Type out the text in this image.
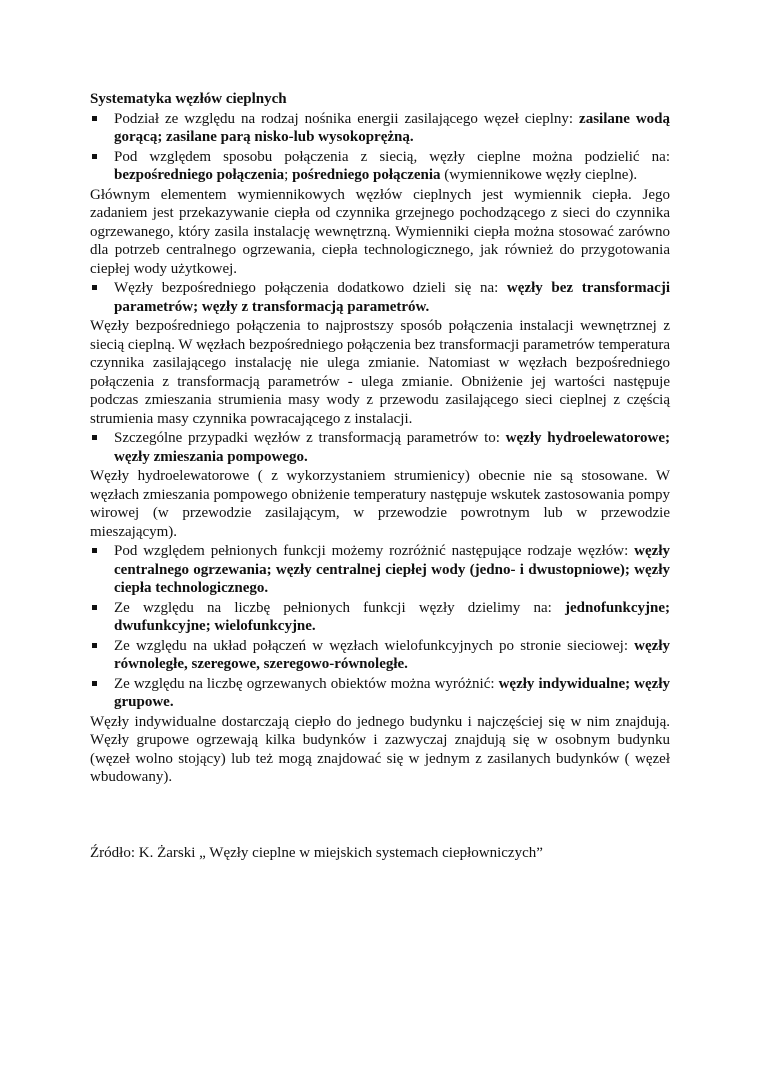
Systematyka węzłów cieplnych

Podział ze względu na rodzaj nośnika energii zasilającego węzeł cieplny: zasilane wodą gorącą; zasilane parą nisko-lub wysokoprężną.
Pod względem sposobu połączenia z siecią, węzły cieplne można podzielić na: bezpośredniego połączenia; pośredniego połączenia (wymiennikowe węzły cieplne).

Głównym elementem wymiennikowych węzłów cieplnych jest wymiennik ciepła. Jego zadaniem jest przekazywanie ciepła od czynnika grzejnego pochodzącego z sieci do czynnika ogrzewanego, który zasila instalację wewnętrzną. Wymienniki ciepła można stosować zarówno dla potrzeb centralnego ogrzewania, ciepła technologicznego, jak również do przygotowania ciepłej wody użytkowej.

Węzły bezpośredniego połączenia dodatkowo dzieli się na: węzły bez transformacji parametrów; węzły z transformacją parametrów.

Węzły bezpośredniego połączenia to najprostszy sposób połączenia instalacji wewnętrznej z siecią cieplną. W węzłach bezpośredniego połączenia bez transformacji parametrów temperatura czynnika zasilającego instalację nie ulega zmianie. Natomiast w węzłach bezpośredniego połączenia z transformacją parametrów - ulega zmianie. Obniżenie jej wartości następuje podczas zmieszania strumienia masy wody z przewodu zasilającego sieci cieplnej z częścią strumienia masy czynnika powracającego z instalacji.

Szczególne przypadki węzłów z transformacją parametrów to: węzły hydroelewatorowe; węzły zmieszania pompowego.

Węzły hydroelewatorowe ( z wykorzystaniem strumienicy) obecnie nie są stosowane. W węzłach zmieszania pompowego obniżenie temperatury następuje wskutek zastosowania pompy wirowej (w przewodzie zasilającym, w przewodzie powrotnym lub w przewodzie mieszającym).

Pod względem pełnionych funkcji możemy rozróżnić następujące rodzaje węzłów: węzły centralnego ogrzewania; węzły centralnej ciepłej wody (jedno- i dwustopniowe); węzły ciepła technologicznego.
Ze względu na liczbę pełnionych funkcji węzły dzielimy na: jednofunkcyjne; dwufunkcyjne; wielofunkcyjne.
Ze względu na układ połączeń w węzłach wielofunkcyjnych po stronie sieciowej: węzły równoległe, szeregowe, szeregowo-równoległe.
Ze względu na liczbę ogrzewanych obiektów można wyróżnić: węzły indywidualne; węzły grupowe.

Węzły indywidualne dostarczają ciepło do jednego budynku i najczęściej się w nim znajdują. Węzły grupowe ogrzewają kilka budynków i zazwyczaj znajdują się w osobnym budynku (węzeł wolno stojący) lub też mogą znajdować się w jednym z zasilanych budynków ( węzeł wbudowany).

Źródło: K. Żarski „ Węzły cieplne w miejskich systemach ciepłowniczych”
